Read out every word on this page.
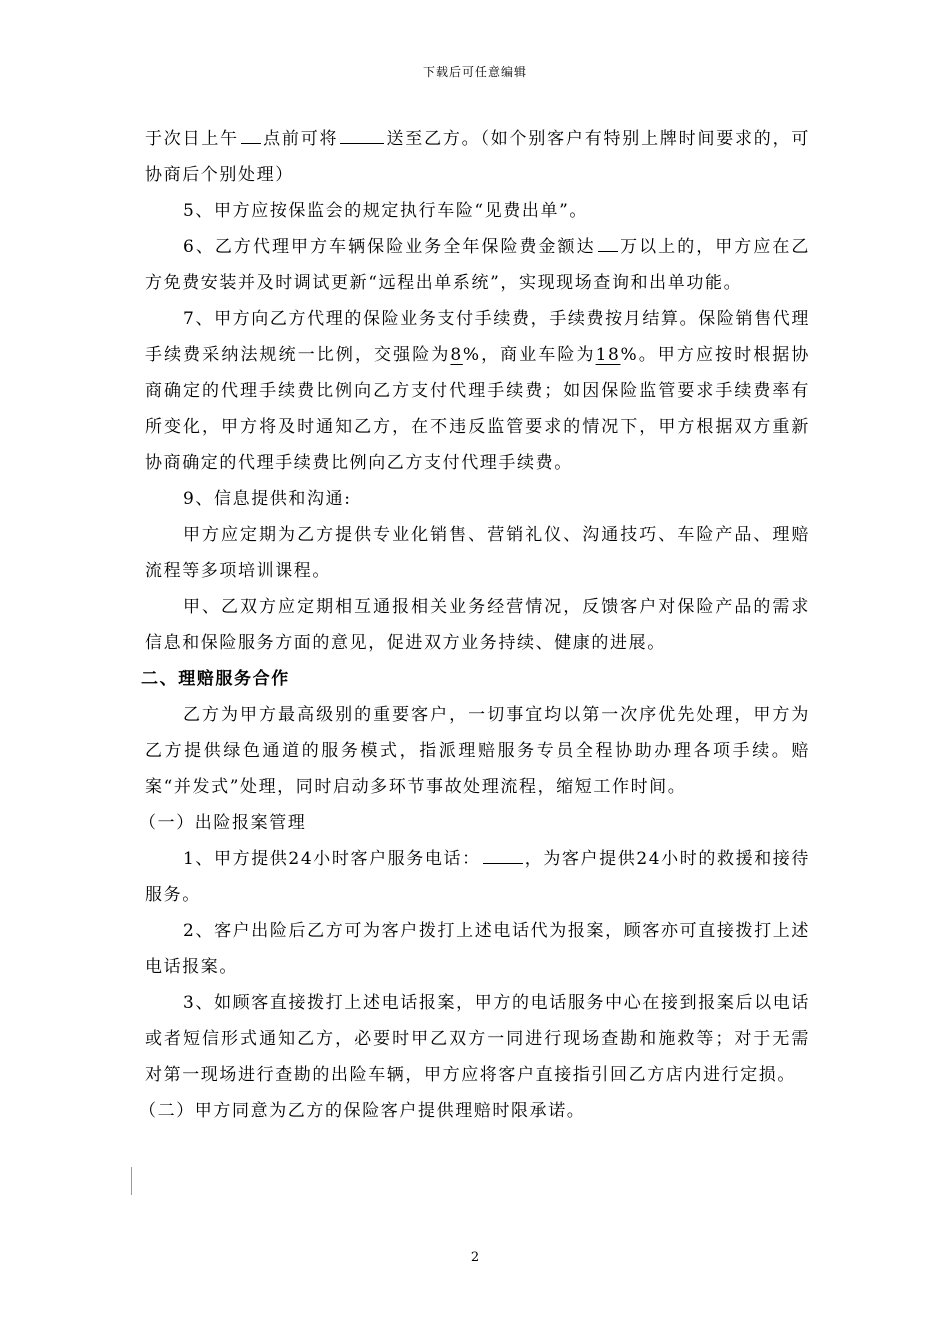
下载后可任意编辑

于次日上午 点前可将	送至乙方。（如个别客户有特别上牌时间要求的，可协商后个别处理）

5、甲方应按保监会的规定执行车险“见费出单”。

6、乙方代理甲方车辆保险业务全年保险费金额达 万以上的，甲方应在乙方免费安装并及时调试更新“远程出单系统”，实现现场查询和出单功能。

7、甲方向乙方代理的保险业务支付手续费，手续费按月结算。保险销售代理手续费采纳法规统一比例，交强险为8%，商业车险为18%。甲方应按时根据协商确定的代理手续费比例向乙方支付代理手续费；如因保险监管要求手续费率有所变化，甲方将及时通知乙方，在不违反监管要求的情况下，甲方根据双方重新协商确定的代理手续费比例向乙方支付代理手续费。

9、信息提供和沟通:

甲方应定期为乙方提供专业化销售、营销礼仪、沟通技巧、车险产品、理赔流程等多项培训课程。

甲、乙双方应定期相互通报相关业务经营情况，反馈客户对保险产品的需求信息和保险服务方面的意见，促进双方业务持续、健康的进展。

二、理赔服务合作

乙方为甲方最高级别的重要客户，一切事宜均以第一次序优先处理，甲方为乙方提供绿色通道的服务模式，指派理赔服务专员全程协助办理各项手续。赔案“并发式”处理，同时启动多环节事故处理流程，缩短工作时间。

（一）出险报案管理

1、甲方提供24小时客户服务电话：	，为客户提供24小时的救援和接待服务。

2、客户出险后乙方可为客户拨打上述电话代为报案，顾客亦可直接拨打上述电话报案。

3、如顾客直接拨打上述电话报案，甲方的电话服务中心在接到报案后以电话或者短信形式通知乙方，必要时甲乙双方一同进行现场查勘和施救等；对于无需对第一现场进行查勘的出险车辆，甲方应将客户直接指引回乙方店内进行定损。

（二）甲方同意为乙方的保险客户提供理赔时限承诺。

2
